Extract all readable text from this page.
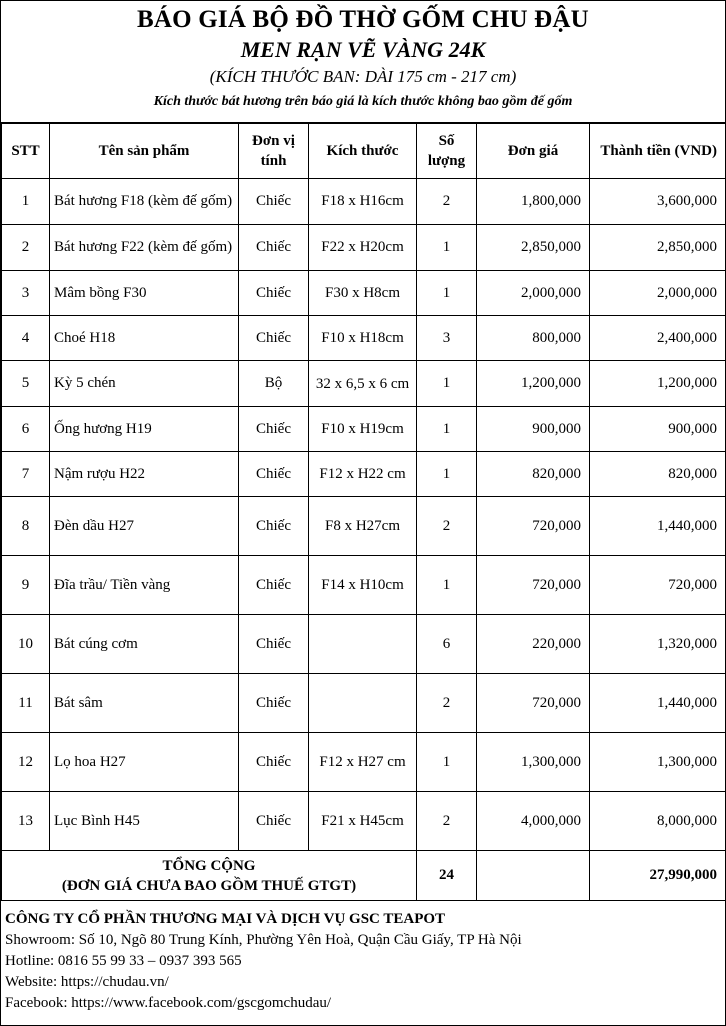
BÁO GIÁ BỘ ĐỒ THỜ GỐM CHU ĐẬU
MEN RẠN VẼ VÀNG 24K
(KÍCH THƯỚC BAN: DÀI 175 cm - 217 cm)
Kích thước bát hương trên báo giá là kích thước không bao gồm đế gốm
STT	Tên sản phẩm	Đơn vị tính	Kích thước	Số lượng	Đơn giá	Thành tiền (VND)
1	Bát hương F18 (kèm đế gốm)	Chiếc	F18 x H16cm	2	1,800,000	3,600,000
2	Bát hương F22 (kèm đế gốm)	Chiếc	F22 x H20cm	1	2,850,000	2,850,000
3	Mâm bồng F30	Chiếc	F30 x H8cm	1	2,000,000	2,000,000
4	Choé H18	Chiếc	F10 x H18cm	3	800,000	2,400,000
5	Kỳ 5 chén	Bộ	32 x 6,5 x 6 cm	1	1,200,000	1,200,000
6	Ống hương H19	Chiếc	F10 x H19cm	1	900,000	900,000
7	Nậm rượu H22	Chiếc	F12 x H22 cm	1	820,000	820,000
8	Đèn dầu H27	Chiếc	F8 x H27cm	2	720,000	1,440,000
9	Đĩa trầu/ Tiền vàng	Chiếc	F14 x H10cm	1	720,000	720,000
10	Bát cúng cơm	Chiếc		6	220,000	1,320,000
11	Bát sâm	Chiếc		2	720,000	1,440,000
12	Lọ hoa H27	Chiếc	F12 x H27 cm	1	1,300,000	1,300,000
13	Lục Bình H45	Chiếc	F21 x H45cm	2	4,000,000	8,000,000

TỔNG CỘNG
(ĐƠN GIÁ CHƯA BAO GỒM THUẾ GTGT)				24		27,990,000
CÔNG TY CỔ PHẦN THƯƠNG MẠI VÀ DỊCH VỤ GSC TEAPOT
Showroom: Số 10, Ngõ 80 Trung Kính, Phường Yên Hoà, Quận Cầu Giấy, TP Hà Nội
Hotline: 0816 55 99 33 – 0937 393 565
Website: https://chudau.vn/
Facebook: https://www.facebook.com/gscgomchudau/
